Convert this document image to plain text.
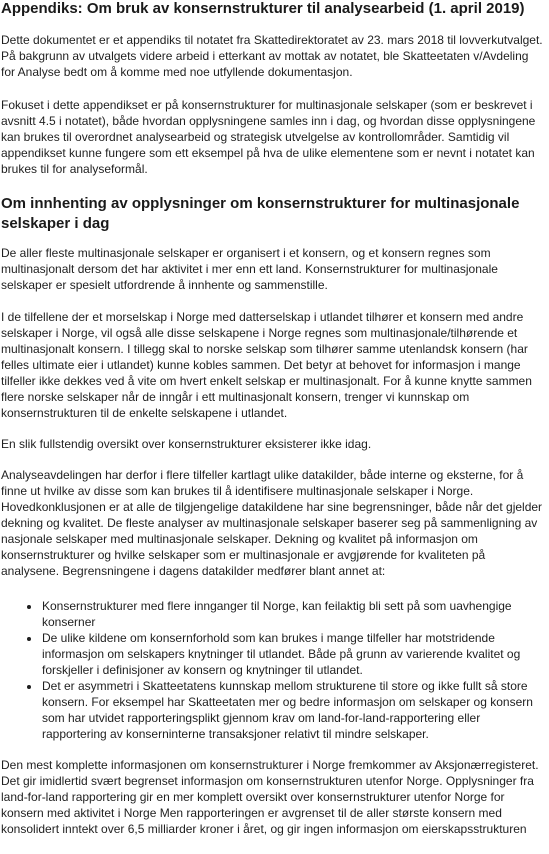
Appendiks: Om bruk av konsernstrukturer til analysearbeid (1. april 2019)

Dette dokumentet er et appendiks til notatet fra Skattedirektoratet av 23. mars 2018 til lovverkutvalget. På bakgrunn av utvalgets videre arbeid i etterkant av mottak av notatet, ble Skatteetaten v/Avdeling for Analyse bedt om å komme med noe utfyllende dokumentasjon.

Fokuset i dette appendikset er på konsernstrukturer for multinasjonale selskaper (som er beskrevet i avsnitt 4.5 i notatet), både hvordan opplysningene samles inn i dag, og hvordan disse opplysningene kan brukes til overordnet analysearbeid og strategisk utvelgelse av kontrollområder. Samtidig vil appendikset kunne fungere som ett eksempel på hva de ulike elementene som er nevnt i notatet kan brukes til for analyseformål.

Om innhenting av opplysninger om konsernstrukturer for multinasjonale selskaper i dag

De aller fleste multinasjonale selskaper er organisert i et konsern, og et konsern regnes som multinasjonalt dersom det har aktivitet i mer enn ett land. Konsernstrukturer for multinasjonale selskaper er spesielt utfordrende å innhente og sammenstille.

I de tilfellene der et morselskap i Norge med datterselskap i utlandet tilhører et konsern med andre selskaper i Norge, vil også alle disse selskapene i Norge regnes som multinasjonale/tilhørende et multinasjonalt konsern. I tillegg skal to norske selskap som tilhører samme utenlandsk konsern (har felles ultimate eier i utlandet) kunne kobles sammen. Det betyr at behovet for informasjon i mange tilfeller ikke dekkes ved å vite om hvert enkelt selskap er multinasjonalt. For å kunne knytte sammen flere norske selskaper når de inngår i ett multinasjonalt konsern, trenger vi kunnskap om konsernstrukturen til de enkelte selskapene i utlandet.

En slik fullstendig oversikt over konsernstrukturer eksisterer ikke idag.

Analyseavdelingen har derfor i flere tilfeller kartlagt ulike datakilder, både interne og eksterne, for å finne ut hvilke av disse som kan brukes til å identifisere multinasjonale selskaper i Norge. Hovedkonklusjonen er at alle de tilgjengelige datakildene har sine begrensninger, både når det gjelder dekning og kvalitet. De fleste analyser av multinasjonale selskaper baserer seg på sammenligning av nasjonale selskaper med multinasjonale selskaper. Dekning og kvalitet på informasjon om konsernstrukturer og hvilke selskaper som er multinasjonale er avgjørende for kvaliteten på analysene. Begrensningene i dagens datakilder medfører blant annet at:

• Konsernstrukturer med flere innganger til Norge, kan feilaktig bli sett på som uavhengige konserner
• De ulike kildene om konsernforhold som kan brukes i mange tilfeller har motstridende informasjon om selskapers knytninger til utlandet. Både på grunn av varierende kvalitet og forskjeller i definisjoner av konsern og knytninger til utlandet.
• Det er asymmetri i Skatteetatens kunnskap mellom strukturene til store og ikke fullt så store konsern. For eksempel har Skatteetaten mer og bedre informasjon om selskaper og konsern som har utvidet rapporteringsplikt gjennom krav om land-for-land-rapportering eller rapportering av konserninterne transaksjoner relativt til mindre selskaper.

Den mest komplette informasjonen om konsernstrukturer i Norge fremkommer av Aksjonærregisteret. Det gir imidlertid svært begrenset informasjon om konsernstrukturen utenfor Norge. Opplysninger fra land-for-land rapportering gir en mer komplett oversikt over konsernstrukturer utenfor Norge for konsern med aktivitet i Norge Men rapporteringen er avgrenset til de aller største konsern med konsolidert inntekt over 6,5 milliarder kroner i året, og gir ingen informasjon om eierskapsstrukturen
